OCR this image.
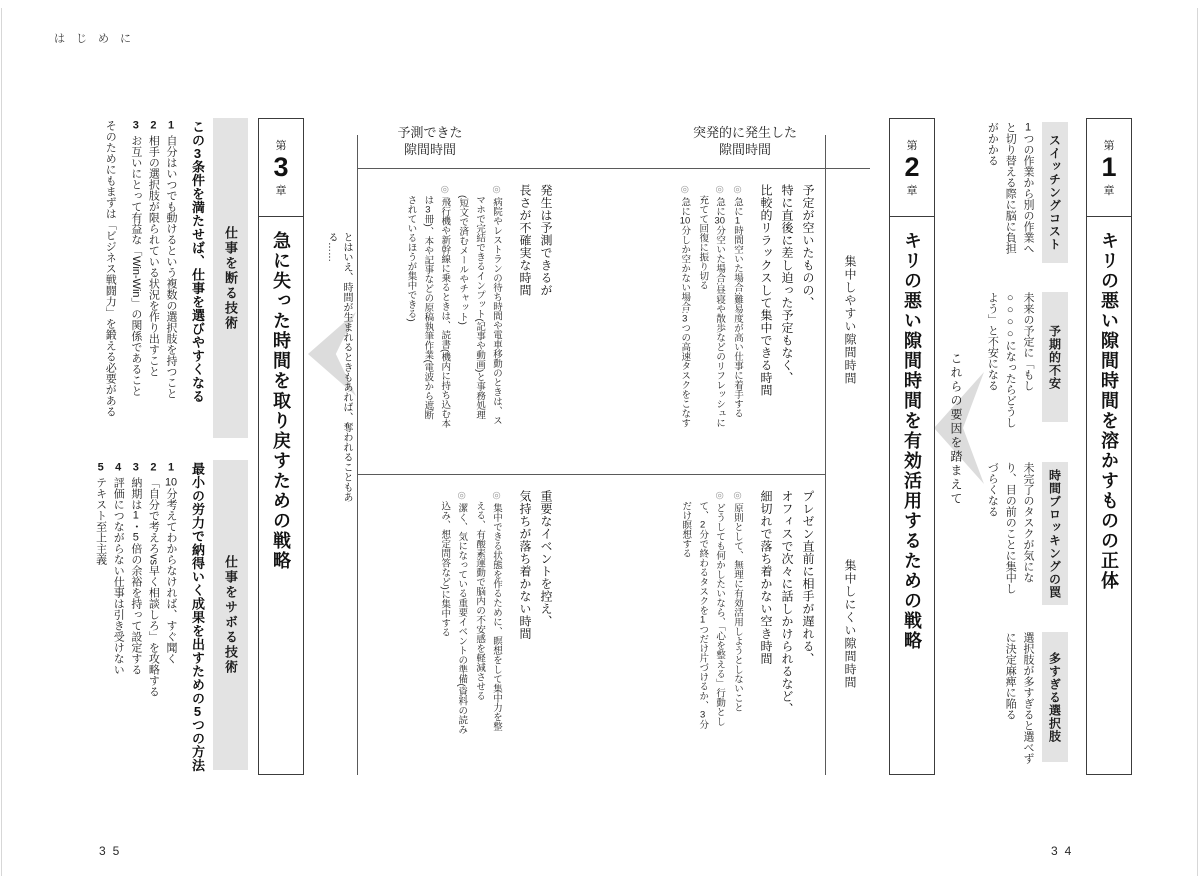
はじめに
35	34
第
1
章
キリの悪い隙間時間を溶かすものの正体
スイッチングコスト
1つの作業から別の作業へと切り替える際に脳に負担がかかる
予期的不安
未来の予定に「もし○○○○になったらどうしよう」と不安になる
時間ブロッキングの罠
未完了のタスクが気になり、目の前のことに集中しづらくなる
多すぎる選択肢
選択肢が多すぎると選べずに決定麻痺に陥る
これらの要因を踏まえて
第
2
章
キリの悪い隙間時間を有効活用するための戦略
予測できた
隙間時間
突発的に発生した
隙間時間
集中しやすい隙間時間
集中しにくい隙間時間

予定が空いたものの、
特に直後に差し迫った予定もなく、
比較的リラックスして集中できる時間

◎ 急に1時間空いた場合:難易度が高い仕事に着手する
◎ 急に30分空いた場合:昼寝や散歩などのリフレッシュに充てて回復に振り切る
◎ 急に10分しか空かない場合:3つの高速タスクをこなす

プレゼン直前に相手が遅れる、
オフィスで次々に話しかけられるなど、
細切れで落ち着かない空き時間

◎ 原則として、無理に有効活用しようとしないこと
◎ どうしても何かしたいなら、「心を整える」行動として、2分で終わるタスクを1つだけ片づけるか、3分だけ瞑想する

発生は予測できるが
長さが不確実な時間

◎ 病院やレストランの待ち時間や電車移動のときは、スマホで完結できるインプット(記事や動画)と事務処理(短文で済むメールやチャット)
◎ 飛行機や新幹線に乗るときは、読書(機内に持ち込む本は3冊)、本や記事などの原稿執筆作業(電波から遮断されているほうが集中できる)

重要なイベントを控え、
気持ちが落ち着かない時間

◎ 集中できる状態を作るために、瞑想をして集中力を整える、有酸素運動で脳内の不安感を軽減させる
◎ 潔く、気になっている重要イベントの準備(資料の読み込み、想定問答など)に集中する
とはいえ、時間が生まれるときもあれば、奪われることもある……
第
3
章
急に失った時間を取り戻すための戦略
仕事を断る技術

この3条件を満たせば、仕事を選びやすくなる

1自分はいつでも動けるという複数の選択肢を持つこと
2相手の選択肢が限られている状況を作り出すこと
3お互いにとって有益な「Win-Win」の関係であること
そのためにもまずは「ビジネス戦闘力」を鍛える必要がある
仕事をサボる技術

最小の労力で納得いく成果を出すための5つの方法

110分考えてわからなければ、すぐ聞く
2「自分で考えろvs早く相談しろ」を攻略する
3納期は1・5倍の余裕を持って設定する
4評価につながらない仕事は引き受けない
5テキスト至上主義
